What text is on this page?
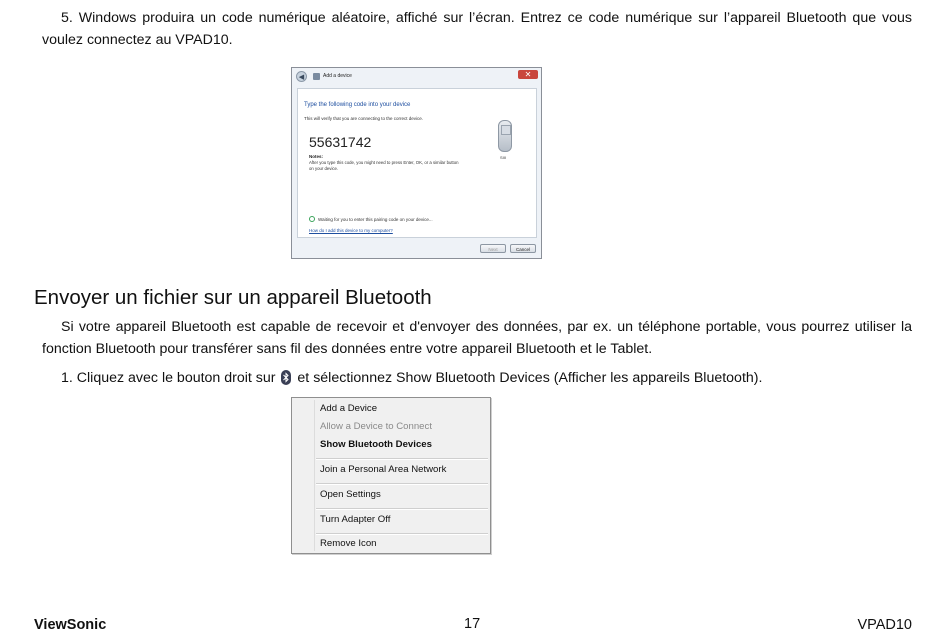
5. Windows produira un code numérique aléatoire, affiché sur l’écran. Entrez ce code numérique sur l’appareil Bluetooth que vous voulez connectez au VPAD10.

✕
◀	Add a device
Type the following code into your device
This will verify that you are connecting to the correct device.
55631742
Notes:
After you type this code, you might need to press Enter, OK, or a similar button on your device.
SIII
Waiting for you to enter this pairing code on your device...
How do I add this device to my computer?
Next	Cancel
Envoyer un fichier sur un appareil Bluetooth

Si votre appareil Bluetooth est capable de recevoir et d'envoyer des données, par ex. un téléphone portable, vous pourrez utiliser la fonction Bluetooth pour transférer sans fil des données entre votre appareil Bluetooth et le Tablet.

1. Cliquez avec le bouton droit sur et sélectionnez Show Bluetooth Devices (Afficher les appareils Bluetooth).
Add a Device
Allow a Device to Connect
Show Bluetooth Devices
Join a Personal Area Network
Open Settings
Turn Adapter Off
Remove Icon
ViewSonic	17	VPAD10
